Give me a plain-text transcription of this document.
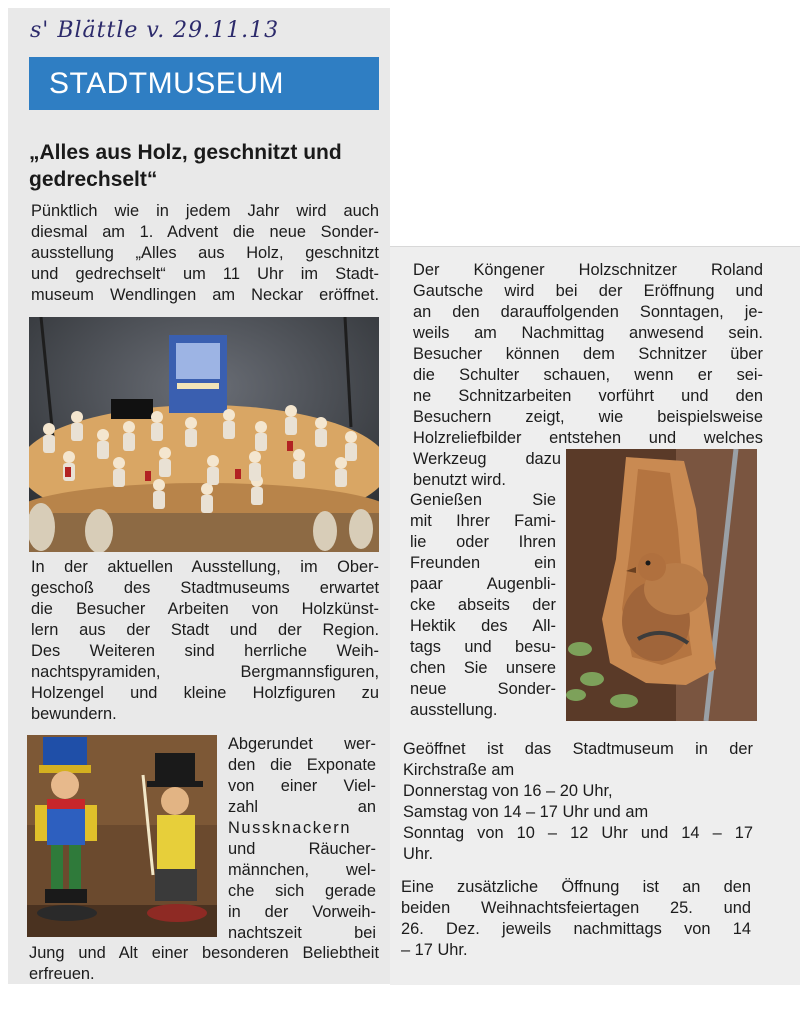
s' Blättle v. 29.11.13

STADTMUSEUM
„Alles aus Holz, geschnitzt und gedrechselt“
Pünktlich wie in jedem Jahr wird auch
diesmal am 1. Advent die neue Sonder-
ausstellung „Alles aus Holz, geschnitzt
und gedrechselt“ um 11 Uhr im Stadt-
museum Wendlingen am Neckar eröffnet.
In der aktuellen Ausstellung, im Ober-
geschoß des Stadtmuseums erwartet
die Besucher Arbeiten von Holzkünst-
lern aus der Stadt und der Region.
Des Weiteren sind herrliche Weih-
nachtspyramiden, Bergmannsfiguren,
Holzengel und kleine Holzfiguren zu
bewundern.
Abgerundet wer-
den die Exponate
von einer Viel-
zahl an
Nussknackern
und Räucher-
männchen, wel-
che sich gerade
in der Vorweih-
nachtszeit bei
Jung und Alt einer besonderen Beliebtheit
erfreuen.
Der Köngener Holzschnitzer Roland
Gautsche wird bei der Eröffnung und
an den darauffolgenden Sonntagen, je-
weils am Nachmittag anwesend sein.
Besucher können dem Schnitzer über
die Schulter schauen, wenn er sei-
ne Schnitzarbeiten vorführt und den
Besuchern zeigt, wie beispielsweise
Holzreliefbilder entstehen und welches
Werkzeug dazu
benutzt wird.
Genießen Sie
mit Ihrer Fami-
lie oder Ihren
Freunden ein
paar Augenbli-
cke abseits der
Hektik des All-
tags und besu-
chen Sie unsere
neue Sonder-
ausstellung.
Geöffnet ist das Stadtmuseum in der
Kirchstraße am
Donnerstag von 16 – 20 Uhr,
Samstag von 14 – 17 Uhr und am
Sonntag von 10 – 12 Uhr und 14 – 17
Uhr.
Eine zusätzliche Öffnung ist an den
beiden Weihnachtsfeiertagen 25. und
26. Dez. jeweils nachmittags von 14
– 17 Uhr.
